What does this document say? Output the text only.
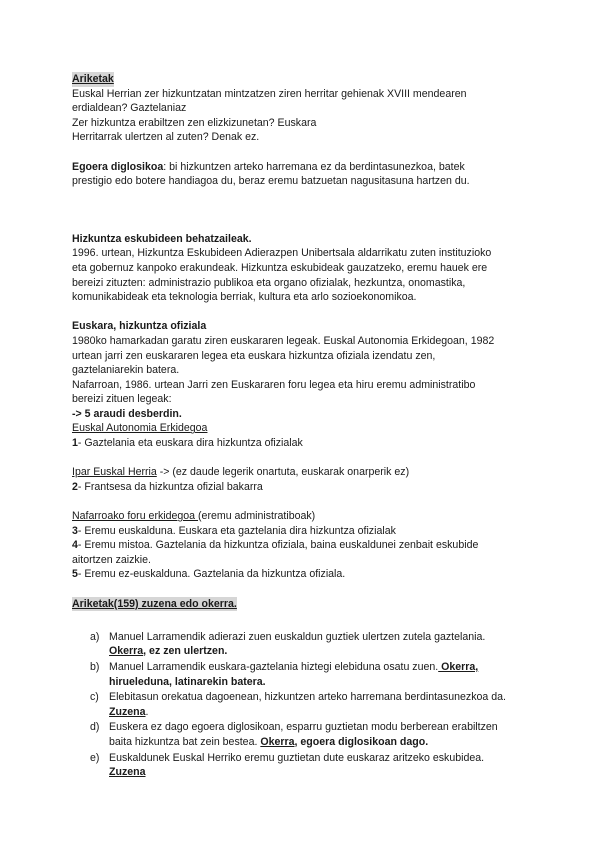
Ariketak
Euskal Herrian zer hizkuntzatan mintzatzen ziren herritar gehienak XVIII mendearen
erdialdean? Gaztelaniaz
Zer hizkuntza erabiltzen zen elizkizunetan? Euskara
Herritarrak ulertzen al zuten? Denak ez.
Egoera diglosikoa: bi hizkuntzen arteko harremana ez da berdintasunezkoa, batek
prestigio edo botere handiagoa du, beraz eremu batzuetan nagusitasuna hartzen du.
Hizkuntza eskubideen behatzaileak.
1996. urtean, Hizkuntza Eskubideen Adierazpen Unibertsala aldarrikatu zuten instituzioko
eta gobernuz kanpoko erakundeak. Hizkuntza eskubideak gauzatzeko, eremu hauek ere
bereizi zituzten: administrazio publikoa eta organo ofizialak, hezkuntza, onomastika,
komunikabideak eta teknologia berriak, kultura eta arlo sozioekonomikoa.
Euskara, hizkuntza ofiziala
1980ko hamarkadan garatu ziren euskararen legeak. Euskal Autonomia Erkidegoan, 1982
urtean jarri zen euskararen legea eta euskara hizkuntza ofiziala izendatu zen,
gaztelaniarekin batera.
Nafarroan, 1986. urtean Jarri zen Euskararen foru legea eta hiru eremu administratibo
bereizi zituen legeak:
-> 5 araudi desberdin.
Euskal Autonomia Erkidegoa
1- Gaztelania eta euskara dira hizkuntza ofizialak
Ipar Euskal Herria -> (ez daude legerik onartuta, euskarak onarperik ez)
2- Frantsesa da hizkuntza ofizial bakarra
Nafarroako foru erkidegoa (eremu administratiboak)
3- Eremu euskalduna. Euskara eta gaztelania dira hizkuntza ofizialak
4- Eremu mistoa. Gaztelania da hizkuntza ofiziala, baina euskaldunei zenbait eskubide
aitortzen zaizkie.
5- Eremu ez-euskalduna. Gaztelania da hizkuntza ofiziala.
Ariketak(159) zuzena edo okerra.
a) Manuel Larramendik adierazi zuen euskaldun guztiek ulertzen zutela gaztelania.
Okerra, ez zen ulertzen.
b) Manuel Larramendik euskara-gaztelania hiztegi elebiduna osatu zuen. Okerra,
hirueleduna, latinarekin batera.
c) Elebitasun orekatua dagoenean, hizkuntzen arteko harremana berdintasunezkoa da.
Zuzena.
d) Euskera ez dago egoera diglosikoan, esparru guztietan modu berberean erabiltzen
baita hizkuntza bat zein bestea. Okerra, egoera diglosikoan dago.
e) Euskaldunek Euskal Herriko eremu guztietan dute euskaraz aritzeko eskubidea.
Zuzena
